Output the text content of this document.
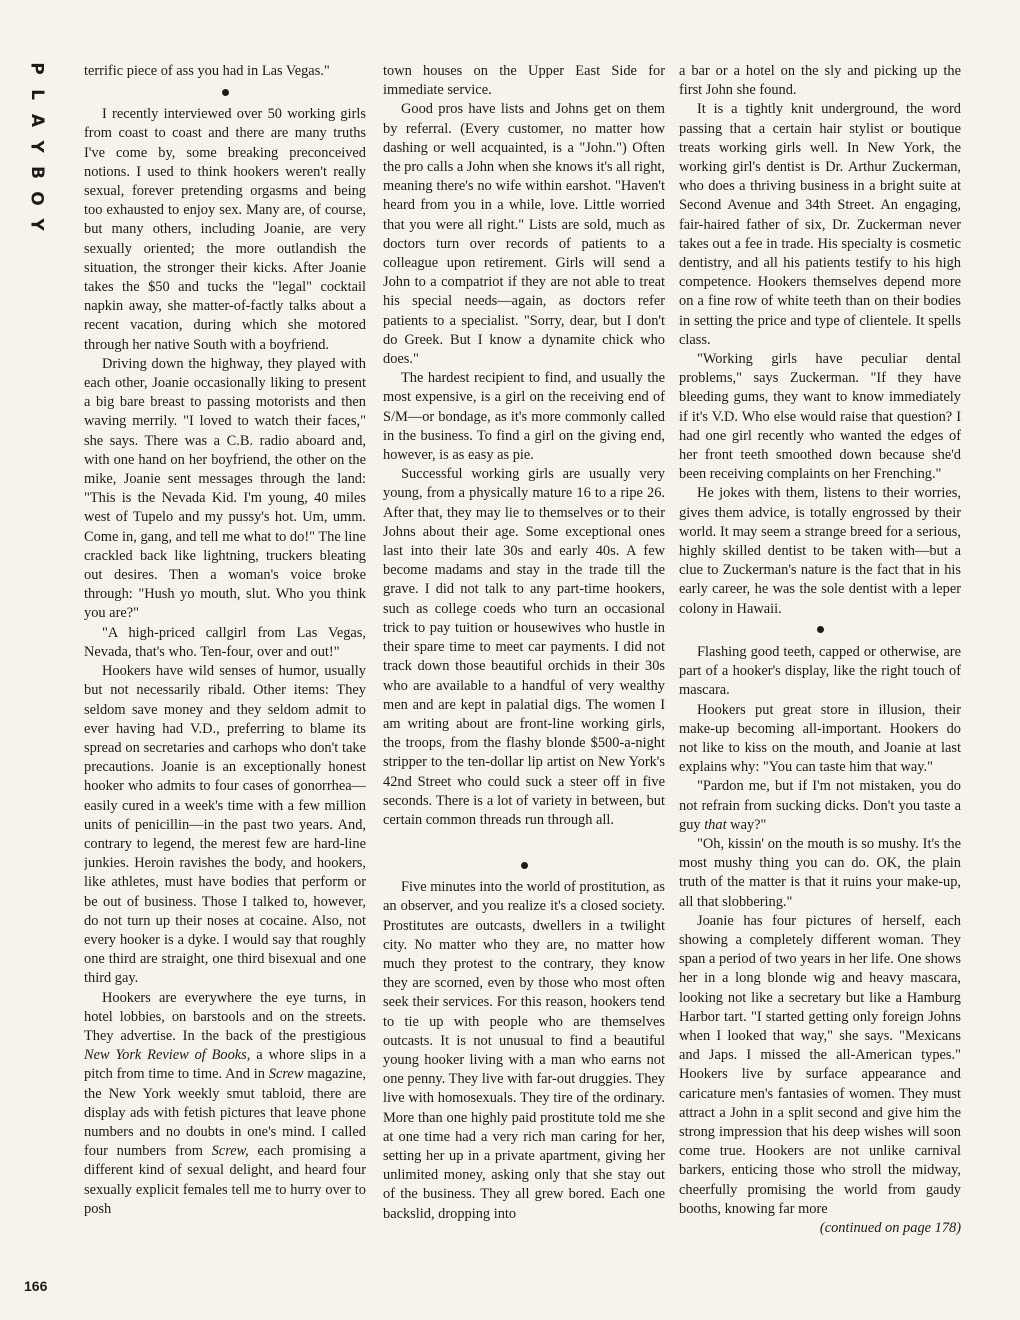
P
L
A
Y
B
O
Y
166

terrific piece of ass you had in Las Vegas."

I recently interviewed over 50 working girls from coast to coast and there are many truths I've come by, some breaking preconceived notions. I used to think hookers weren't really sexual, forever pretending orgasms and being too exhausted to enjoy sex. Many are, of course, but many others, including Joanie, are very sexually oriented; the more outlandish the situation, the stronger their kicks. After Joanie takes the $50 and tucks the "legal" cocktail napkin away, she matter-of-factly talks about a recent vacation, during which she motored through her native South with a boyfriend.

Driving down the highway, they played with each other, Joanie occasionally liking to present a big bare breast to passing motorists and then waving merrily. "I loved to watch their faces," she says. There was a C.B. radio aboard and, with one hand on her boyfriend, the other on the mike, Joanie sent messages through the land: "This is the Nevada Kid. I'm young, 40 miles west of Tupelo and my pussy's hot. Um, umm. Come in, gang, and tell me what to do!" The line crackled back like lightning, truckers bleating out desires. Then a woman's voice broke through: "Hush yo mouth, slut. Who you think you are?"

"A high-priced callgirl from Las Vegas, Nevada, that's who. Ten-four, over and out!"

Hookers have wild senses of humor, usually but not necessarily ribald. Other items: They seldom save money and they seldom admit to ever having had V.D., preferring to blame its spread on secretaries and carhops who don't take precautions. Joanie is an exceptionally honest hooker who admits to four cases of gonorrhea—easily cured in a week's time with a few million units of penicillin—in the past two years. And, contrary to legend, the merest few are hard-line junkies. Heroin ravishes the body, and hookers, like athletes, must have bodies that perform or be out of business. Those I talked to, however, do not turn up their noses at cocaine. Also, not every hooker is a dyke. I would say that roughly one third are straight, one third bisexual and one third gay.

Hookers are everywhere the eye turns, in hotel lobbies, on barstools and on the streets. They advertise. In the back of the prestigious New York Review of Books, a whore slips in a pitch from time to time. And in Screw magazine, the New York weekly smut tabloid, there are display ads with fetish pictures that leave phone numbers and no doubts in one's mind. I called four numbers from Screw, each promising a different kind of sexual delight, and heard four sexually explicit females tell me to hurry over to posh

town houses on the Upper East Side for immediate service.

Good pros have lists and Johns get on them by referral. (Every customer, no matter how dashing or well acquainted, is a "John.") Often the pro calls a John when she knows it's all right, meaning there's no wife within earshot. "Haven't heard from you in a while, love. Little worried that you were all right." Lists are sold, much as doctors turn over records of patients to a colleague upon retirement. Girls will send a John to a compatriot if they are not able to treat his special needs—again, as doctors refer patients to a specialist. "Sorry, dear, but I don't do Greek. But I know a dynamite chick who does."

The hardest recipient to find, and usually the most expensive, is a girl on the receiving end of S/M—or bondage, as it's more commonly called in the business. To find a girl on the giving end, however, is as easy as pie.

Successful working girls are usually very young, from a physically mature 16 to a ripe 26. After that, they may lie to themselves or to their Johns about their age. Some exceptional ones last into their late 30s and early 40s. A few become madams and stay in the trade till the grave. I did not talk to any part-time hookers, such as college coeds who turn an occasional trick to pay tuition or housewives who hustle in their spare time to meet car payments. I did not track down those beautiful orchids in their 30s who are available to a handful of very wealthy men and are kept in palatial digs. The women I am writing about are front-line working girls, the troops, from the flashy blonde $500-a-night stripper to the ten-dollar lip artist on New York's 42nd Street who could suck a steer off in five seconds. There is a lot of variety in between, but certain common threads run through all.

Five minutes into the world of prostitution, as an observer, and you realize it's a closed society. Prostitutes are outcasts, dwellers in a twilight city. No matter who they are, no matter how much they protest to the contrary, they know they are scorned, even by those who most often seek their services. For this reason, hookers tend to tie up with people who are themselves outcasts. It is not unusual to find a beautiful young hooker living with a man who earns not one penny. They live with far-out druggies. They live with homosexuals. They tire of the ordinary. More than one highly paid prostitute told me she at one time had a very rich man caring for her, setting her up in a private apartment, giving her unlimited money, asking only that she stay out of the business. They all grew bored. Each one backslid, dropping into

a bar or a hotel on the sly and picking up the first John she found.

It is a tightly knit underground, the word passing that a certain hair stylist or boutique treats working girls well. In New York, the working girl's dentist is Dr. Arthur Zuckerman, who does a thriving business in a bright suite at Second Avenue and 34th Street. An engaging, fair-haired father of six, Dr. Zuckerman never takes out a fee in trade. His specialty is cosmetic dentistry, and all his patients testify to his high competence. Hookers themselves depend more on a fine row of white teeth than on their bodies in setting the price and type of clientele. It spells class.

"Working girls have peculiar dental problems," says Zuckerman. "If they have bleeding gums, they want to know immediately if it's V.D. Who else would raise that question? I had one girl recently who wanted the edges of her front teeth smoothed down because she'd been receiving complaints on her Frenching."

He jokes with them, listens to their worries, gives them advice, is totally engrossed by their world. It may seem a strange breed for a serious, highly skilled dentist to be taken with—but a clue to Zuckerman's nature is the fact that in his early career, he was the sole dentist with a leper colony in Hawaii.

Flashing good teeth, capped or otherwise, are part of a hooker's display, like the right touch of mascara.

Hookers put great store in illusion, their make-up becoming all-important. Hookers do not like to kiss on the mouth, and Joanie at last explains why: "You can taste him that way."

"Pardon me, but if I'm not mistaken, you do not refrain from sucking dicks. Don't you taste a guy that way?"

"Oh, kissin' on the mouth is so mushy. It's the most mushy thing you can do. OK, the plain truth of the matter is that it ruins your make-up, all that slobbering."

Joanie has four pictures of herself, each showing a completely different woman. They span a period of two years in her life. One shows her in a long blonde wig and heavy mascara, looking not like a secretary but like a Hamburg Harbor tart. "I started getting only foreign Johns when I looked that way," she says. "Mexicans and Japs. I missed the all-American types." Hookers live by surface appearance and caricature men's fantasies of women. They must attract a John in a split second and give him the strong impression that his deep wishes will soon come true. Hookers are not unlike carnival barkers, enticing those who stroll the midway, cheerfully promising the world from gaudy booths, knowing far more

(continued on page 178)
